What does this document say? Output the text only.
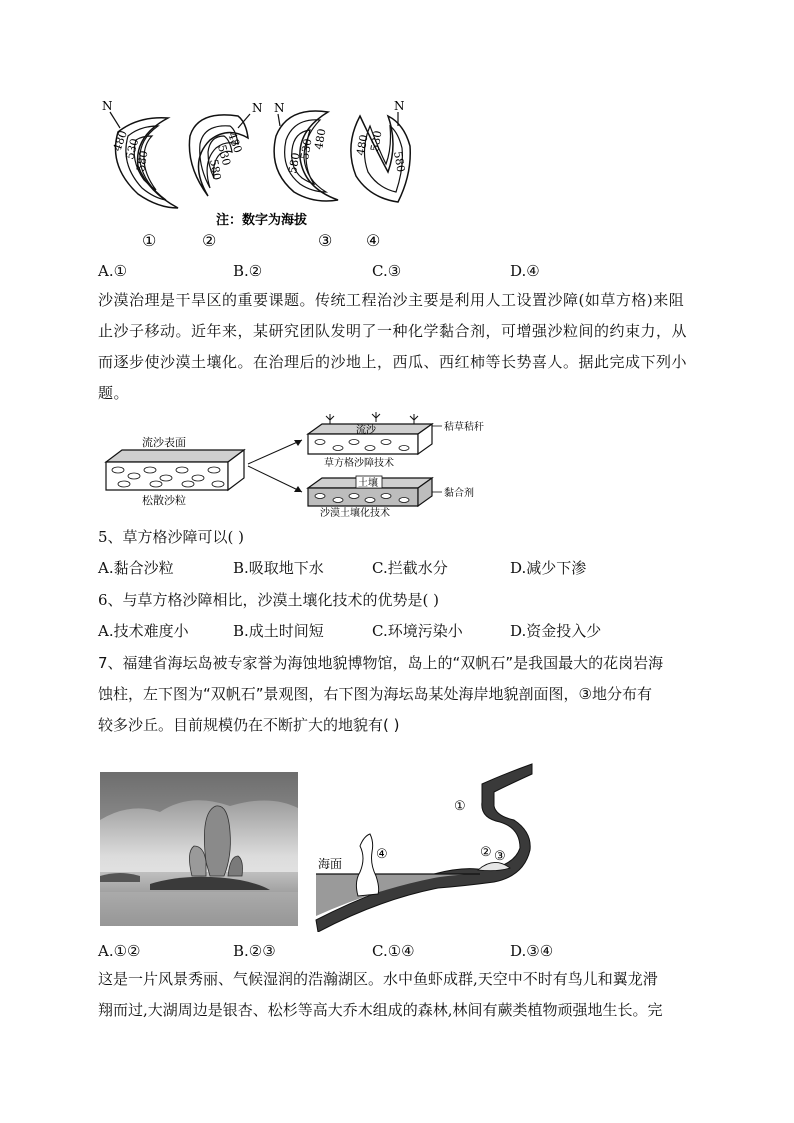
N
480
530
580
N
480
530
580
N
580
530
480
N
480
530
580
注：数字为海拔
①	②	③ ④
A.①	B.②	C.③	D.④
沙漠治理是干旱区的重要课题。传统工程治沙主要是利用人工设置沙障(如草方格)来阻止沙子移动。近年来，某研究团队发明了一种化学黏合剂，可增强沙粒间的约束力，从而逐步使沙漠土壤化。在治理后的沙地上，西瓜、西红柿等长势喜人。据此完成下列小题。
流沙表面
松散沙粒
流沙	秸草秸秆
草方格沙障技术
土壤
黏合剂
沙漠土壤化技术
5、草方格沙障可以( )
A.黏合沙粒	B.吸取地下水	C.拦截水分	D.减少下渗
6、与草方格沙障相比，沙漠土壤化技术的优势是( )
A.技术难度小	B.成土时间短	C.环境污染小	D.资金投入少
7、福建省海坛岛被专家誉为海蚀地貌博物馆，岛上的“双帆石”是我国最大的花岗岩海
蚀柱，左下图为“双帆石”景观图，右下图为海坛岛某处海岸地貌剖面图，③地分布有
较多沙丘。目前规模仍在不断扩大的地貌有( )
海面
①
④	② ③
A.①②	B.②③	C.①④	D.③④
这是一片风景秀丽、气候湿润的浩瀚湖区。水中鱼虾成群,天空中不时有鸟儿和翼龙滑
翔而过,大湖周边是银杏、松杉等高大乔木组成的森林,林间有蕨类植物顽强地生长。完
